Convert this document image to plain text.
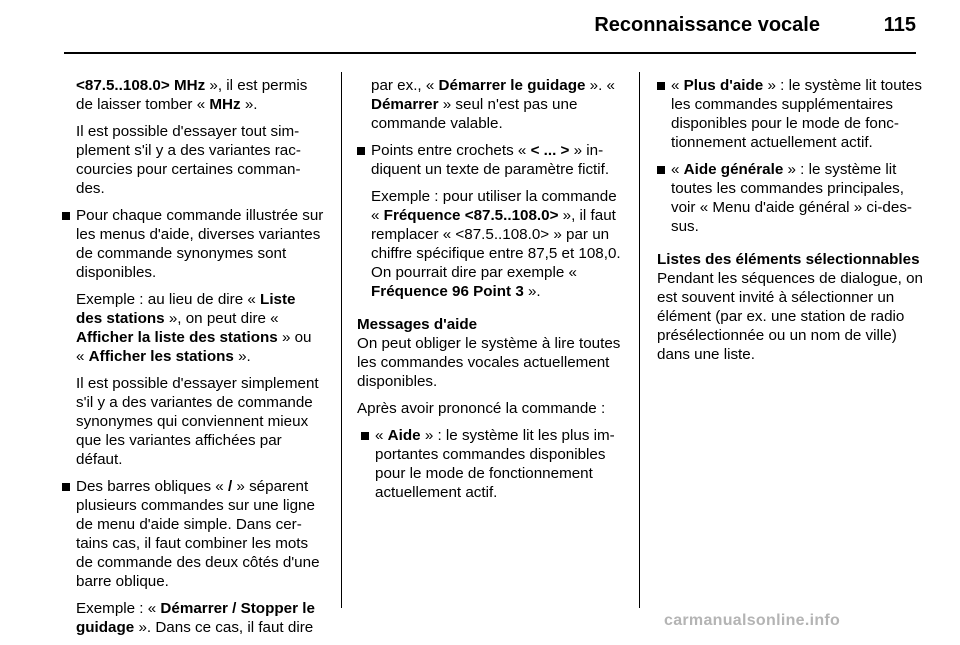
Reconnaissance vocale	115

<87.5..108.0> MHz », il est permis de laisser tomber « MHz ».

Il est possible d'essayer tout simplement s'il y a des variantes raccourcies pour certaines commandes.

Pour chaque commande illustrée sur les menus d'aide, diverses variantes de commande synonymes sont disponibles.

Exemple : au lieu de dire « Liste des stations », on peut dire « Afficher la liste des stations » ou « Afficher les stations ».

Il est possible d'essayer simplement s'il y a des variantes de commande synonymes qui conviennent mieux que les variantes affichées par défaut.

Des barres obliques « / » séparent plusieurs commandes sur une ligne de menu d'aide simple. Dans certains cas, il faut combiner les mots de commande des deux côtés d'une barre oblique.

Exemple : « Démarrer / Stopper le guidage ». Dans ce cas, il faut dire

par ex., « Démarrer le guidage ». « Démarrer » seul n'est pas une commande valable.

Points entre crochets « < ... > » indiquent un texte de paramètre fictif.

Exemple : pour utiliser la commande « Fréquence <87.5..108.0> », il faut remplacer « <87.5..108.0> » par un chiffre spécifique entre 87,5 et 108,0. On pourrait dire par exemple « Fréquence 96 Point 3 ».

Messages d'aide

On peut obliger le système à lire toutes les commandes vocales actuellement disponibles.

Après avoir prononcé la commande :

« Aide » : le système lit les plus importantes commandes disponibles pour le mode de fonctionnement actuellement actif.

« Plus d'aide » : le système lit toutes les commandes supplémentaires disponibles pour le mode de fonctionnement actuellement actif.

« Aide générale » : le système lit toutes les commandes principales, voir « Menu d'aide général » ci-dessus.

Listes des éléments sélectionnables

Pendant les séquences de dialogue, on est souvent invité à sélectionner un élément (par ex. une station de radio présélectionnée ou un nom de ville) dans une liste.

carmanualsonline.info
